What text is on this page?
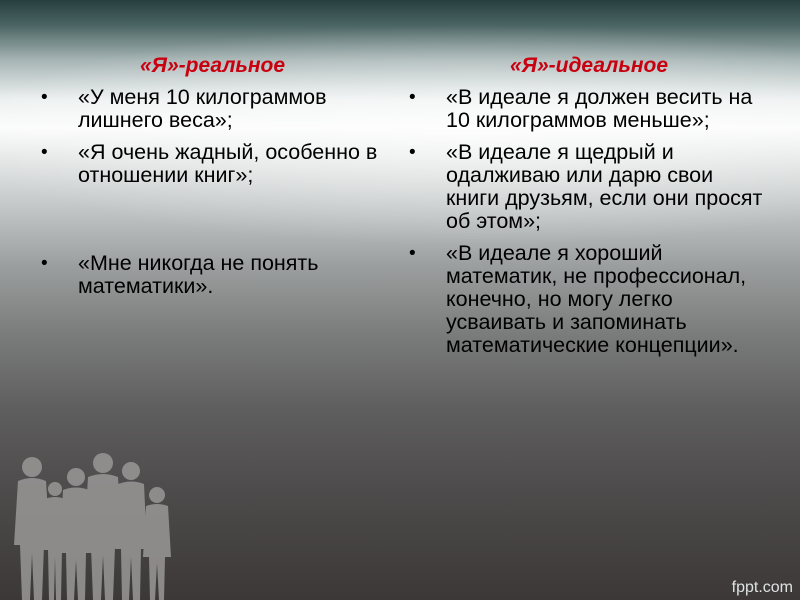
«Я»-реальное
• «У меня 10 килограммов лишнего веса»;
• «Я очень жадный, особенно в отношении книг»;
• «Мне никогда не понять математики».
«Я»-идеальное
• «В идеале я должен весить на 10 килограммов меньше»;
• «В идеале я щедрый и одалживаю или дарю свои книги друзьям, если они просят об этом»;
• «В идеале я хороший математик, не профессионал, конечно, но могу легко усваивать и запоминать математические концепции».
fppt.com
